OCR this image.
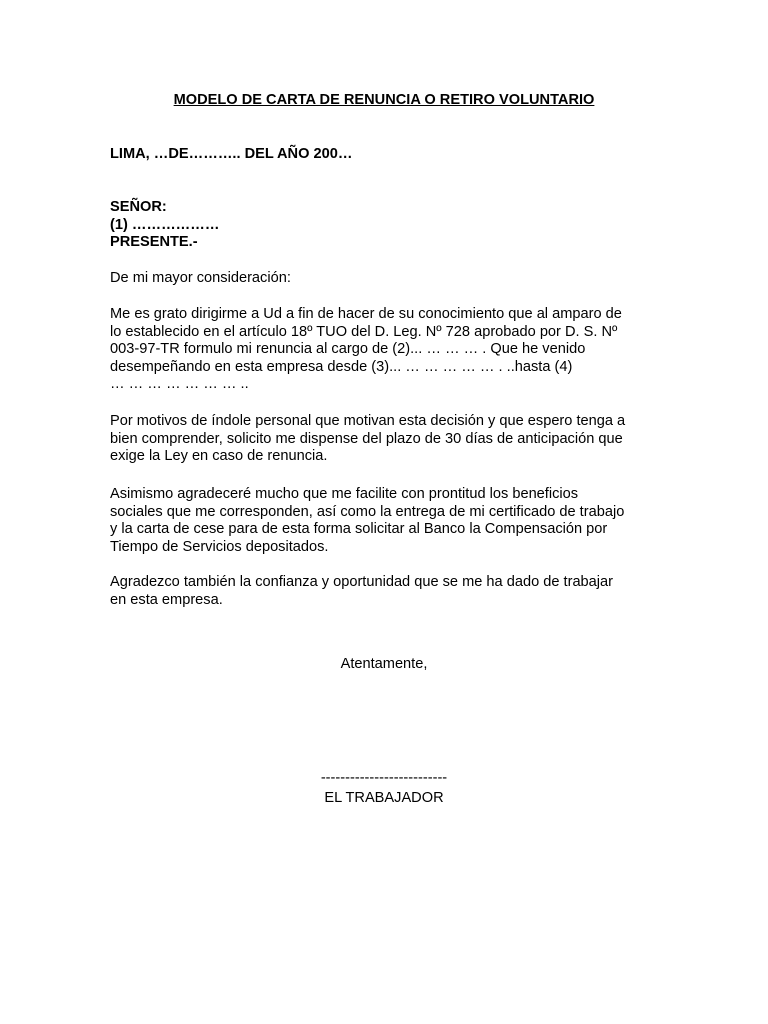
MODELO DE CARTA DE RENUNCIA O RETIRO VOLUNTARIO
LIMA, …DE……….. DEL AÑO 200…
SEÑOR:
(1) ………………
PRESENTE.-
De mi mayor consideración:
Me es grato dirigirme a Ud a fin de hacer de su conocimiento que al amparo de
lo establecido en el artículo 18º TUO del D. Leg. Nº 728 aprobado por D. S. Nº
003-97-TR formulo mi renuncia al cargo de (2)... … … … . Que he venido
desempeñando en esta empresa desde (3)... … … … … … . ..hasta (4)
… … … … … … … ..
Por motivos de índole personal que motivan esta decisión y que espero tenga a
bien comprender, solicito me dispense del plazo de 30 días de anticipación que
exige la Ley en caso de renuncia.
Asimismo agradeceré mucho que me facilite con prontitud los beneficios
sociales que me corresponden, así como la entrega de mi certificado de trabajo
y la carta de cese para de esta forma solicitar al Banco la Compensación por
Tiempo de Servicios depositados.
Agradezco también la confianza y oportunidad que se me ha dado de trabajar
en esta empresa.
Atentamente,
--------------------------
EL TRABAJADOR
